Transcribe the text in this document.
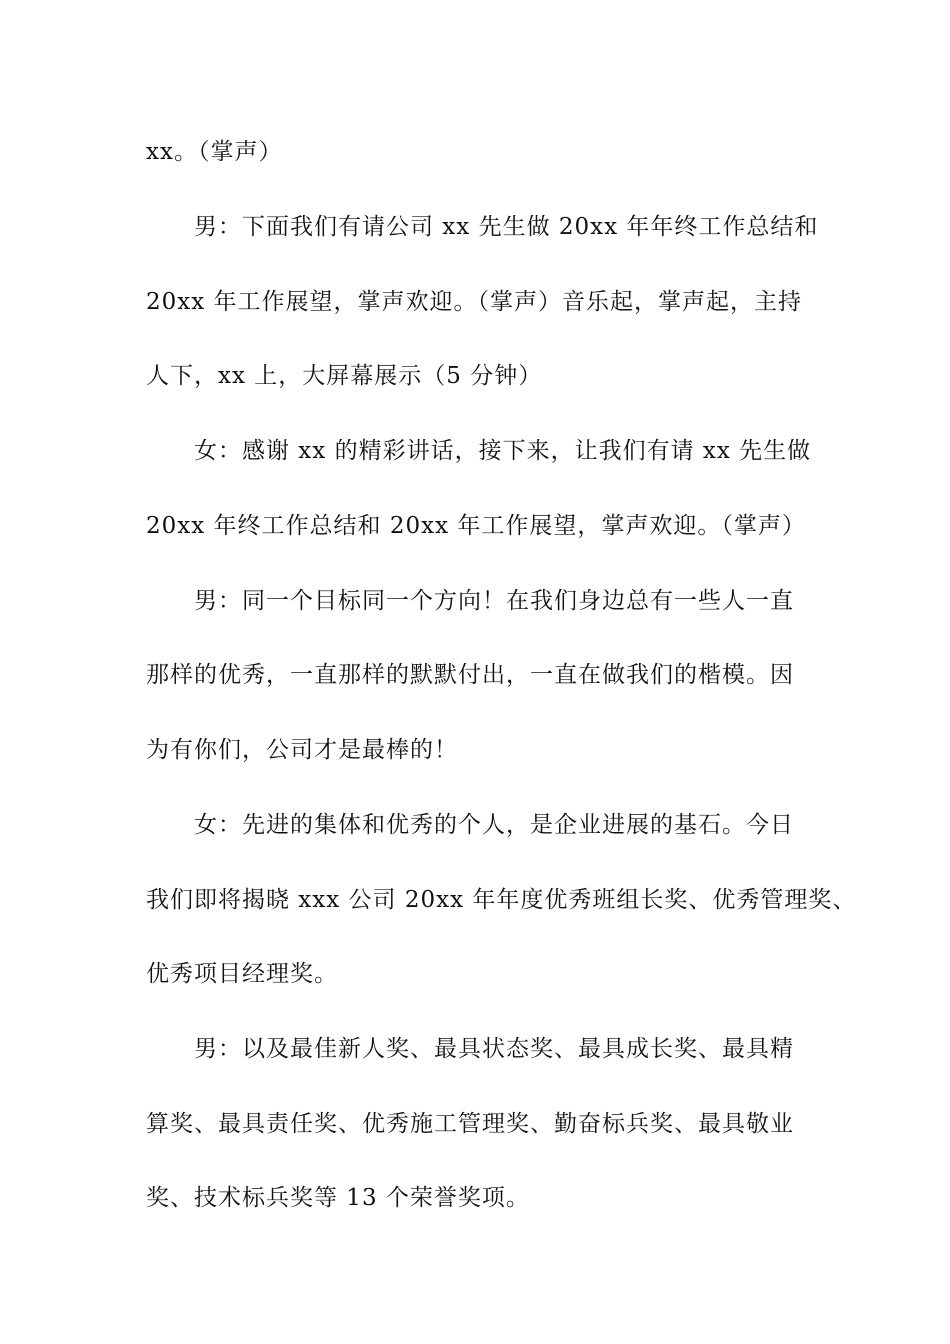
xx。（掌声）
男：下面我们有请公司 xx 先生做 20xx 年年终工作总结和
20xx 年工作展望，掌声欢迎。（掌声）音乐起，掌声起，主持
人下，xx 上，大屏幕展示（5 分钟）
女：感谢 xx 的精彩讲话，接下来，让我们有请 xx 先生做
20xx 年终工作总结和 20xx 年工作展望，掌声欢迎。（掌声）
男：同一个目标同一个方向！在我们身边总有一些人一直
那样的优秀，一直那样的默默付出，一直在做我们的楷模。因
为有你们，公司才是最棒的！
女：先进的集体和优秀的个人，是企业进展的基石。今日
我们即将揭晓 xxx 公司 20xx 年年度优秀班组长奖、优秀管理奖、
优秀项目经理奖。
男：以及最佳新人奖、最具状态奖、最具成长奖、最具精
算奖、最具责任奖、优秀施工管理奖、勤奋标兵奖、最具敬业
奖、技术标兵奖等 13 个荣誉奖项。
